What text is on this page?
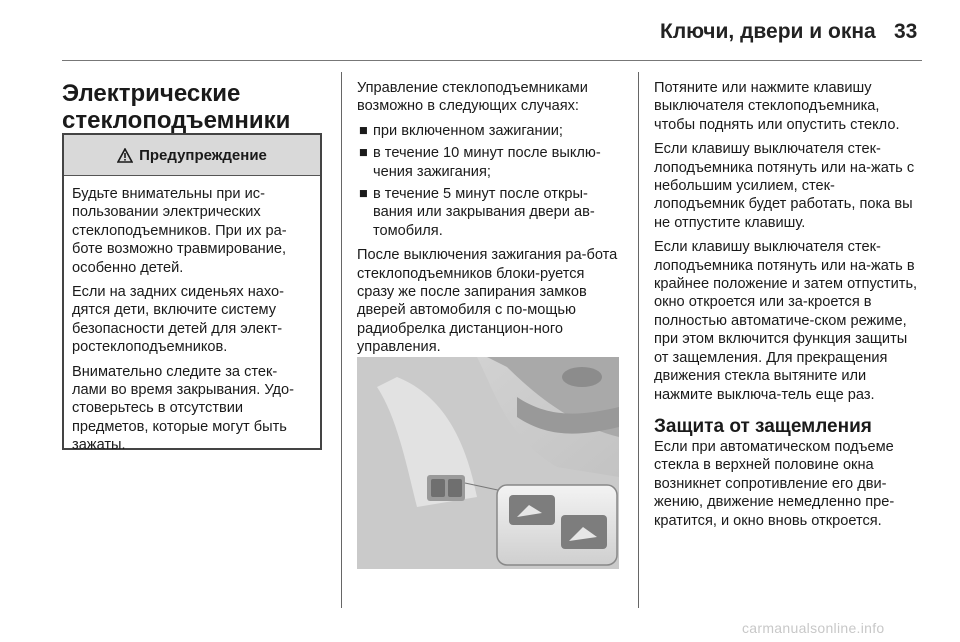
Ключи, двери и окна 33
Электрические
стеклоподъемники
Предупреждение

Будьте внимательны при ис-пользовании электрических стеклоподъемников. При их ра-боте возможно травмирование, особенно детей.

Если на задних сиденьях нахо-дятся дети, включите систему безопасности детей для элект-ростеклоподъемников.

Внимательно следите за стек-лами во время закрывания. Удо-стоверьтесь в отсутствии предметов, которые могут быть зажаты.

Управление стеклоподъемниками возможно в следующих случаях:

■ при включенном зажигании;
■ в течение 10 минут после выклю-чения зажигания;
■ в течение 5 минут после откры-вания или закрывания двери ав-томобиля.

После выключения зажигания ра-бота стеклоподъемников блоки-руется сразу же после запирания замков дверей автомобиля с по-мощью радиобрелка дистанцион-ного управления.

Потяните или нажмите клавишу выключателя стеклоподъемника, чтобы поднять или опустить стекло.

Если клавишу выключателя стек-лоподъемника потянуть или на-жать с небольшим усилием, стек-лоподъемник будет работать, пока вы не отпустите клавишу.

Если клавишу выключателя стек-лоподъемника потянуть или на-жать в крайнее положение и затем отпустить, окно откроется или за-кроется в полностью автоматиче-ском режиме, при этом включится функция защиты от защемления. Для прекращения движения стекла вытяните или нажмите выключа-тель еще раз.

Защита от защемления

Если при автоматическом подъеме стекла в верхней половине окна возникнет сопротивление его дви-жению, движение немедленно пре-кратится, и окно вновь откроется.

carmanualsonline.info
